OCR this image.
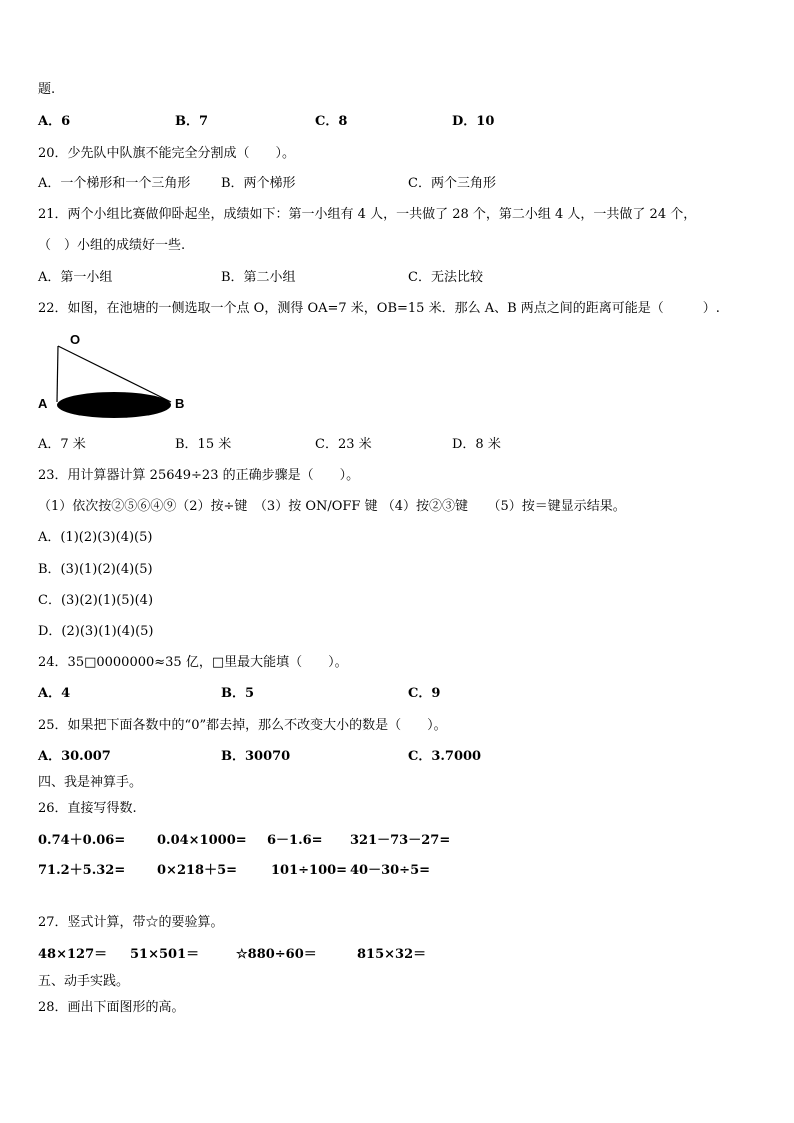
题.
A．6	B．7	C．8	D．10
20．少先队中队旗不能完全分割成（　　）。
A．一个梯形和一个三角形 B．两个梯形	C．两个三角形
21．两个小组比赛做仰卧起坐，成绩如下：第一小组有 4 人，一共做了 28 个，第二小组 4 人，一共做了 24 个，
（　）小组的成绩好一些.
A．第一小组	B．第二小组	C．无法比较
22．如图，在池塘的一侧选取一个点 O，测得 OA=7 米，OB=15 米．那么 A、B 两点之间的距离可能是（　　　）.
O
A	B
A．7 米	B．15 米	C．23 米	D．8 米
23．用计算器计算 25649÷23 的正确步骤是（　　）。
（1）依次按②⑤⑥④⑨（2）按÷键　（3）按 ON/OFF 键 （4）按②③键　　（5）按＝键显示结果。
A．(1)(2)(3)(4)(5)
B．(3)(1)(2)(4)(5)
C．(3)(2)(1)(5)(4)
D．(2)(3)(1)(4)(5)
24．35□0000000≈35 亿，□里最大能填（　　）。
A．4	B．5	C．9
25．如果把下面各数中的“0”都去掉，那么不改变大小的数是（　　）。
A．30.007	B．30070	C．3.7000
四、我是神算手。
26．直接写得数.
0.74＋0.06= 0.04×1000= 6－1.6= 321－73－27=
71.2＋5.32= 0×218＋5=	101÷100= 40－30÷5=
27．竖式计算，带☆的要验算。
48×127＝ 51×501＝	☆880÷60＝	815×32＝
五、动手实践。
28．画出下面图形的高。
